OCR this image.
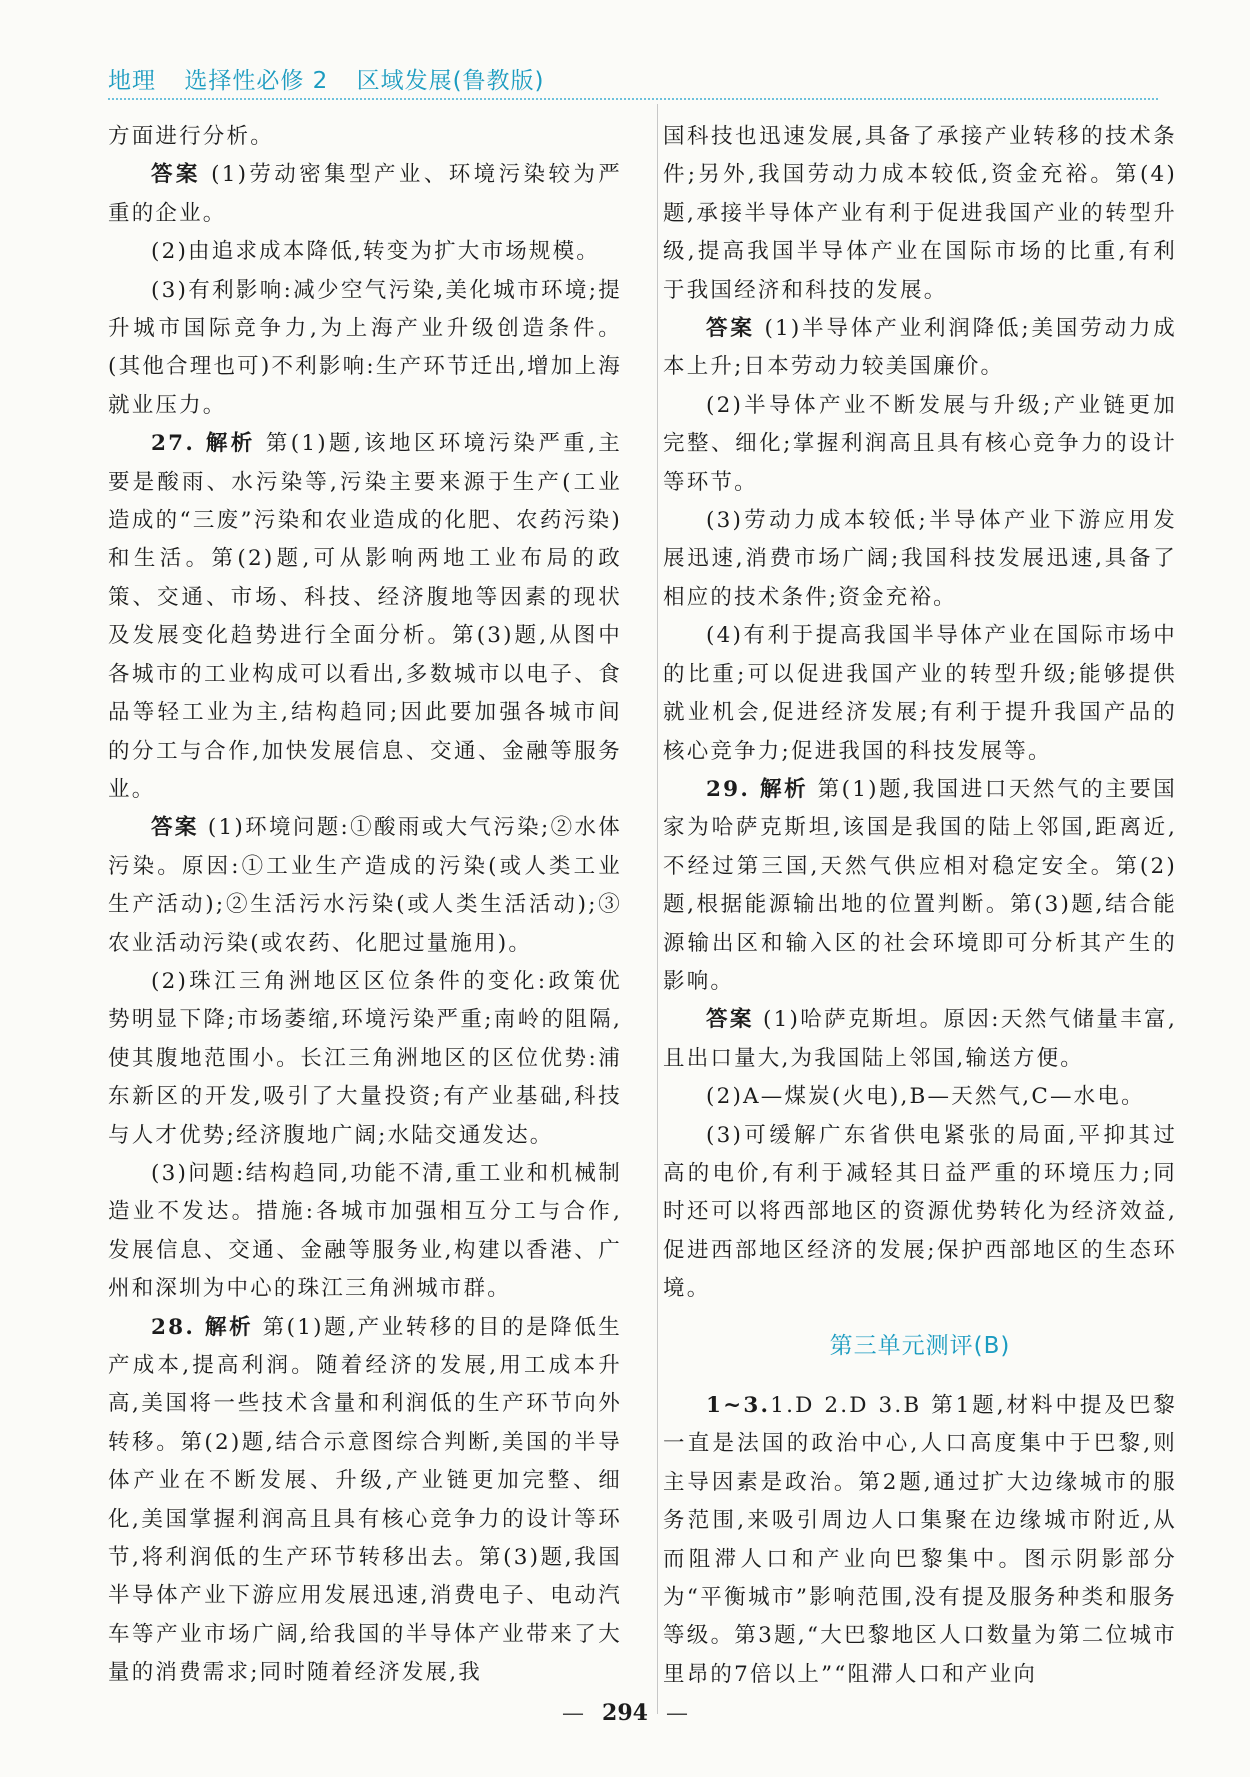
地理 选择性必修 2 区域发展(鲁教版)

方面进行分析。

答案 (1)劳动密集型产业、环境污染较为严重的企业。

(2)由追求成本降低,转变为扩大市场规模。

(3)有利影响:减少空气污染,美化城市环境;提升城市国际竞争力,为上海产业升级创造条件。(其他合理也可)不利影响:生产环节迁出,增加上海就业压力。

27. 解析 第(1)题,该地区环境污染严重,主要是酸雨、水污染等,污染主要来源于生产(工业造成的“三废”污染和农业造成的化肥、农药污染)和生活。第(2)题,可从影响两地工业布局的政策、交通、市场、科技、经济腹地等因素的现状及发展变化趋势进行全面分析。第(3)题,从图中各城市的工业构成可以看出,多数城市以电子、食品等轻工业为主,结构趋同;因此要加强各城市间的分工与合作,加快发展信息、交通、金融等服务业。

答案 (1)环境问题:①酸雨或大气污染;②水体污染。原因:①工业生产造成的污染(或人类工业生产活动);②生活污水污染(或人类生活活动);③农业活动污染(或农药、化肥过量施用)。

(2)珠江三角洲地区区位条件的变化:政策优势明显下降;市场萎缩,环境污染严重;南岭的阻隔,使其腹地范围小。长江三角洲地区的区位优势:浦东新区的开发,吸引了大量投资;有产业基础,科技与人才优势;经济腹地广阔;水陆交通发达。

(3)问题:结构趋同,功能不清,重工业和机械制造业不发达。措施:各城市加强相互分工与合作,发展信息、交通、金融等服务业,构建以香港、广州和深圳为中心的珠江三角洲城市群。

28. 解析 第(1)题,产业转移的目的是降低生产成本,提高利润。随着经济的发展,用工成本升高,美国将一些技术含量和利润低的生产环节向外转移。第(2)题,结合示意图综合判断,美国的半导体产业在不断发展、升级,产业链更加完整、细化,美国掌握利润高且具有核心竞争力的设计等环节,将利润低的生产环节转移出去。第(3)题,我国半导体产业下游应用发展迅速,消费电子、电动汽车等产业市场广阔,给我国的半导体产业带来了大量的消费需求;同时随着经济发展,我

国科技也迅速发展,具备了承接产业转移的技术条件;另外,我国劳动力成本较低,资金充裕。第(4)题,承接半导体产业有利于促进我国产业的转型升级,提高我国半导体产业在国际市场的比重,有利于我国经济和科技的发展。

答案 (1)半导体产业利润降低;美国劳动力成本上升;日本劳动力较美国廉价。

(2)半导体产业不断发展与升级;产业链更加完整、细化;掌握利润高且具有核心竞争力的设计等环节。

(3)劳动力成本较低;半导体产业下游应用发展迅速,消费市场广阔;我国科技发展迅速,具备了相应的技术条件;资金充裕。

(4)有利于提高我国半导体产业在国际市场中的比重;可以促进我国产业的转型升级;能够提供就业机会,促进经济发展;有利于提升我国产品的核心竞争力;促进我国的科技发展等。

29. 解析 第(1)题,我国进口天然气的主要国家为哈萨克斯坦,该国是我国的陆上邻国,距离近,不经过第三国,天然气供应相对稳定安全。第(2)题,根据能源输出地的位置判断。第(3)题,结合能源输出区和输入区的社会环境即可分析其产生的影响。

答案 (1)哈萨克斯坦。原因:天然气储量丰富,且出口量大,为我国陆上邻国,输送方便。

(2)A—煤炭(火电),B—天然气,C—水电。

(3)可缓解广东省供电紧张的局面,平抑其过高的电价,有利于减轻其日益严重的环境压力;同时还可以将西部地区的资源优势转化为经济效益,促进西部地区经济的发展;保护西部地区的生态环境。

第三单元测评(B)

1~3.1.D 2.D 3.B 第1题,材料中提及巴黎一直是法国的政治中心,人口高度集中于巴黎,则主导因素是政治。第2题,通过扩大边缘城市的服务范围,来吸引周边人口集聚在边缘城市附近,从而阻滞人口和产业向巴黎集中。图示阴影部分为“平衡城市”影响范围,没有提及服务种类和服务等级。第3题,“大巴黎地区人口数量为第二位城市里昂的7倍以上”“阻滞人口和产业向

— 294 —
